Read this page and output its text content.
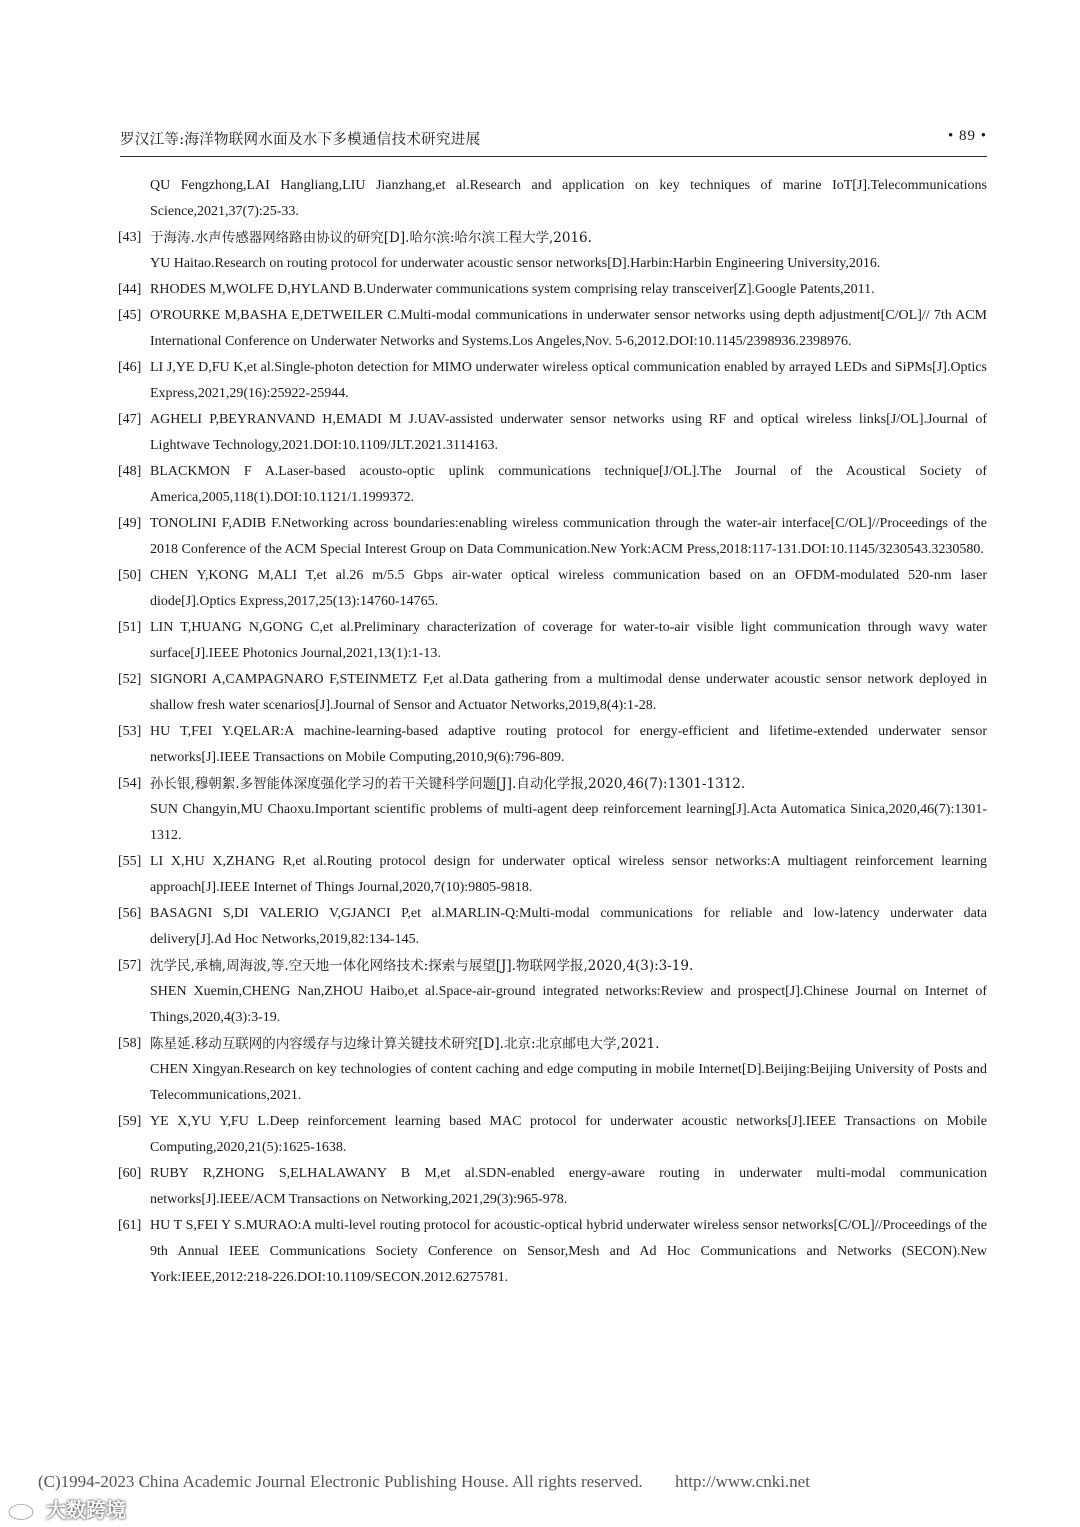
罗汉江等:海洋物联网水面及水下多模通信技术研究进展	• 89 •
QU Fengzhong,LAI Hangliang,LIU Jianzhang,et al.Research and application on key techniques of marine IoT[J].Telecommunications Science,2021,37(7):25-33.
[43] 于海涛.水声传感器网络路由协议的研究[D].哈尔滨:哈尔滨工程大学,2016.
YU Haitao.Research on routing protocol for underwater acoustic sensor networks[D].Harbin:Harbin Engineering University,2016.
[44] RHODES M,WOLFE D,HYLAND B.Underwater communications system comprising relay transceiver[Z].Google Patents,2011.
[45] O'ROURKE M,BASHA E,DETWEILER C.Multi-modal communications in underwater sensor networks using depth adjustment[C/OL]// 7th ACM International Conference on Underwater Networks and Systems.Los Angeles,Nov. 5-6,2012.DOI:10.1145/2398936.2398976.
[46] LI J,YE D,FU K,et al.Single-photon detection for MIMO underwater wireless optical communication enabled by arrayed LEDs and SiPMs[J].Optics Express,2021,29(16):25922-25944.
[47] AGHELI P,BEYRANVAND H,EMADI M J.UAV-assisted underwater sensor networks using RF and optical wireless links[J/OL].Journal of Lightwave Technology,2021.DOI:10.1109/JLT.2021.3114163.
[48] BLACKMON F A.Laser-based acousto-optic uplink communications technique[J/OL].The Journal of the Acoustical Society of America,2005,118(1).DOI:10.1121/1.1999372.
[49] TONOLINI F,ADIB F.Networking across boundaries:enabling wireless communication through the water-air interface[C/OL]//Proceedings of the 2018 Conference of the ACM Special Interest Group on Data Communication.New York:ACM Press,2018:117-131.DOI:10.1145/3230543.3230580.
[50] CHEN Y,KONG M,ALI T,et al.26 m/5.5 Gbps air-water optical wireless communication based on an OFDM-modulated 520-nm laser diode[J].Optics Express,2017,25(13):14760-14765.
[51] LIN T,HUANG N,GONG C,et al.Preliminary characterization of coverage for water-to-air visible light communication through wavy water surface[J].IEEE Photonics Journal,2021,13(1):1-13.
[52] SIGNORI A,CAMPAGNARO F,STEINMETZ F,et al.Data gathering from a multimodal dense underwater acoustic sensor network deployed in shallow fresh water scenarios[J].Journal of Sensor and Actuator Networks,2019,8(4):1-28.
[53] HU T,FEI Y.QELAR:A machine-learning-based adaptive routing protocol for energy-efficient and lifetime-extended underwater sensor networks[J].IEEE Transactions on Mobile Computing,2010,9(6):796-809.
[54] 孙长银,穆朝絮.多智能体深度强化学习的若干关键科学问题[J].自动化学报,2020,46(7):1301-1312.
SUN Changyin,MU Chaoxu.Important scientific problems of multi-agent deep reinforcement learning[J].Acta Automatica Sinica,2020,46(7):1301-1312.
[55] LI X,HU X,ZHANG R,et al.Routing protocol design for underwater optical wireless sensor networks:A multiagent reinforcement learning approach[J].IEEE Internet of Things Journal,2020,7(10):9805-9818.
[56] BASAGNI S,DI VALERIO V,GJANCI P,et al.MARLIN-Q:Multi-modal communications for reliable and low-latency underwater data delivery[J].Ad Hoc Networks,2019,82:134-145.
[57] 沈学民,承楠,周海波,等.空天地一体化网络技术:探索与展望[J].物联网学报,2020,4(3):3-19.
SHEN Xuemin,CHENG Nan,ZHOU Haibo,et al.Space-air-ground integrated networks:Review and prospect[J].Chinese Journal on Internet of Things,2020,4(3):3-19.
[58] 陈星延.移动互联网的内容缓存与边缘计算关键技术研究[D].北京:北京邮电大学,2021.
CHEN Xingyan.Research on key technologies of content caching and edge computing in mobile Internet[D].Beijing:Beijing University of Posts and Telecommunications,2021.
[59] YE X,YU Y,FU L.Deep reinforcement learning based MAC protocol for underwater acoustic networks[J].IEEE Transactions on Mobile Computing,2020,21(5):1625-1638.
[60] RUBY R,ZHONG S,ELHALAWANY B M,et al.SDN-enabled energy-aware routing in underwater multi-modal communication networks[J].IEEE/ACM Transactions on Networking,2021,29(3):965-978.
[61] HU T S,FEI Y S.MURAO:A multi-level routing protocol for acoustic-optical hybrid underwater wireless sensor networks[C/OL]//Proceedings of the 9th Annual IEEE Communications Society Conference on Sensor,Mesh and Ad Hoc Communications and Networks (SECON).New York:IEEE,2012:218-226.DOI:10.1109/SECON.2012.6275781.
(C)1994-2023 China Academic Journal Electronic Publishing House. All rights reserved. http://www.cnki.net
大数跨境
